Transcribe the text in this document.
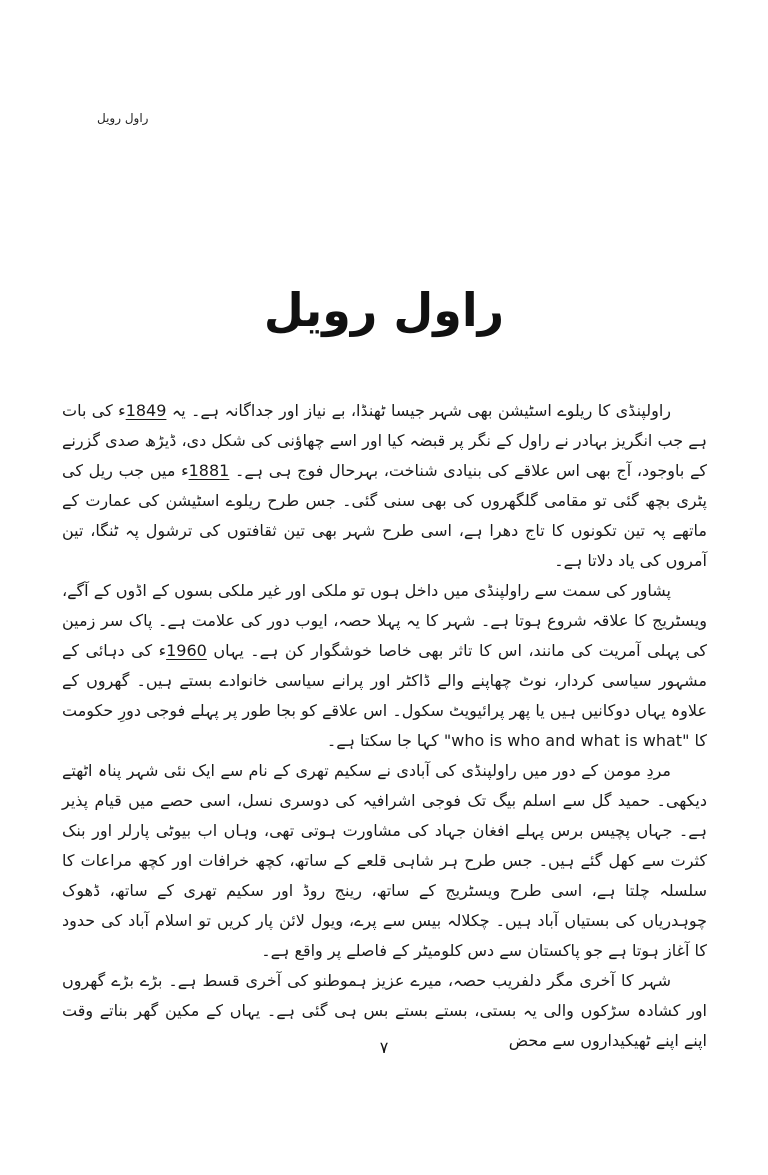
راول رویل
راول رویل

راولپنڈی کا ریلوے اسٹیشن بھی شہر جیسا ٹھنڈا، بے نیاز اور جداگانہ ہے۔ یہ 1849ء کی بات ہے جب انگریز بہادر نے راول کے نگر پر قبضہ کیا اور اسے چھاؤنی کی شکل دی، ڈیڑھ صدی گزرنے کے باوجود، آج بھی اس علاقے کی بنیادی شناخت، بہرحال فوج ہی ہے۔ 1881ء میں جب ریل کی پٹری بچھ گئی تو مقامی گلگھروں کی بھی سنی گئی۔ جس طرح ریلوے اسٹیشن کی عمارت کے ماتھے پہ تین تکونوں کا تاج دھرا ہے، اسی طرح شہر بھی تین ثقافتوں کی ترشول پہ ٹنگا، تین آمروں کی یاد دلاتا ہے۔

پشاور کی سمت سے راولپنڈی میں داخل ہوں تو ملکی اور غیر ملکی بسوں کے اڈوں کے آگے، ویسٹریج کا علاقہ شروع ہوتا ہے۔ شہر کا یہ پہلا حصہ، ایوب دور کی علامت ہے۔ پاک سر زمین کی پہلی آمریت کی مانند، اس کا تاثر بھی خاصا خوشگوار کن ہے۔ یہاں 1960ء کی دہائی کے مشہور سیاسی کردار، نوٹ چھاپنے والے ڈاکٹر اور پرانے سیاسی خانوادے بستے ہیں۔ گھروں کے علاوہ یہاں دوکانیں ہیں یا پھر پرائیویٹ سکول۔ اس علاقے کو بجا طور پر پہلے فوجی دورِ حکومت کا "who is who and what is what" کہا جا سکتا ہے۔

مردِ مومن کے دور میں راولپنڈی کی آبادی نے سکیم تھری کے نام سے ایک نئی شہر پناہ اٹھتے دیکھی۔ حمید گل سے اسلم بیگ تک فوجی اشرافیہ کی دوسری نسل، اسی حصے میں قیام پذیر ہے۔ جہاں پچیس برس پہلے افغان جہاد کی مشاورت ہوتی تھی، وہاں اب بیوٹی پارلر اور بنک کثرت سے کھل گئے ہیں۔ جس طرح ہر شاہی قلعے کے ساتھ، کچھ خرافات اور کچھ مراعات کا سلسلہ چلتا ہے، اسی طرح ویسٹریج کے ساتھ، رینج روڈ اور سکیم تھری کے ساتھ، ڈھوک چوہدریاں کی بستیاں آباد ہیں۔ چکلالہ بیس سے پرے، ویول لائن پار کریں تو اسلام آباد کی حدود کا آغاز ہوتا ہے جو پاکستان سے دس کلومیٹر کے فاصلے پر واقع ہے۔

شہر کا آخری مگر دلفریب حصہ، میرے عزیز ہموطنو کی آخری قسط ہے۔ بڑے بڑے گھروں اور کشادہ سڑکوں والی یہ بستی، بستے بستے بس ہی گئی ہے۔ یہاں کے مکین گھر بناتے وقت اپنے اپنے ٹھیکیداروں سے محض

۷
